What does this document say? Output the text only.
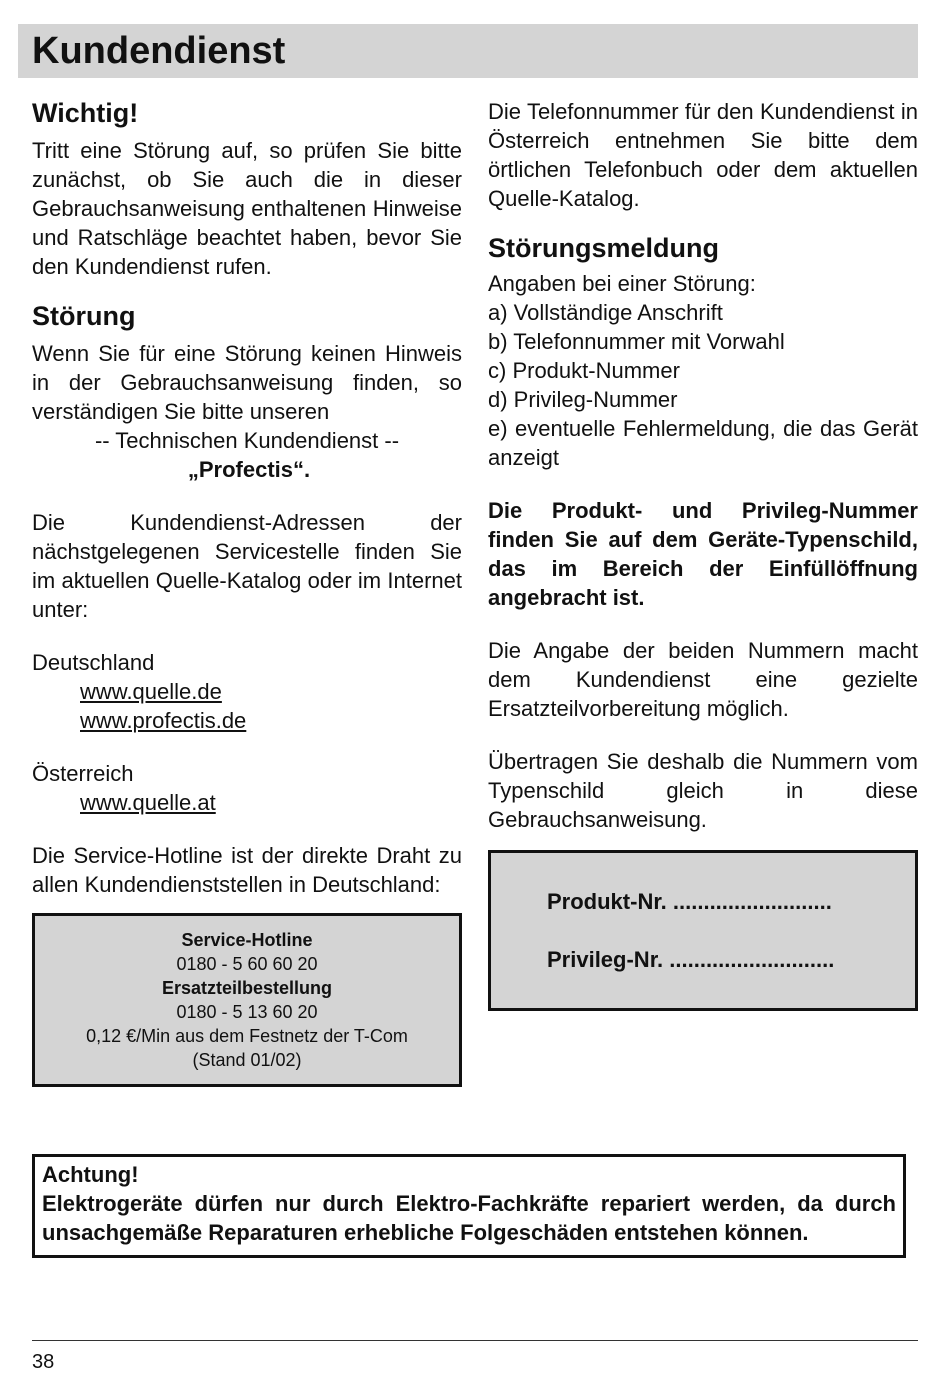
Kundendienst
Wichtig!

Tritt eine Störung auf, so prüfen Sie bitte zunächst, ob Sie auch die in dieser Gebrauchsanweisung enthaltenen Hinweise und Ratschläge beachtet haben, bevor Sie den Kundendienst rufen.

Störung

Wenn Sie für eine Störung keinen Hinweis in der Gebrauchsanweisung finden, so verständigen Sie bitte unseren

-- Technischen Kundendienst --

„Profectis“.

Die Kundendienst-Adressen der nächstgelegenen Servicestelle finden Sie im aktuellen Quelle-Katalog oder im Internet unter:

Deutschland

www.quelle.de
www.profectis.de

Österreich

www.quelle.at

Die Service-Hotline ist der direkte Draht zu allen Kundendienststellen in Deutschland:

Service-Hotline
0180 - 5 60 60 20
Ersatzteilbestellung
0180 - 5 13 60 20
0,12 €/Min aus dem Festnetz der T-Com
(Stand 01/02)

Die Telefonnummer für den Kundendienst in Österreich entnehmen Sie bitte dem örtlichen Telefonbuch oder dem aktuellen Quelle-Katalog.

Störungsmeldung

Angaben bei einer Störung:

a) Vollständige Anschrift

b) Telefonnummer mit Vorwahl

c) Produkt-Nummer

d) Privileg-Nummer

e) eventuelle Fehlermeldung, die das Gerät anzeigt

Die Produkt- und Privileg-Nummer finden Sie auf dem Geräte-Typenschild, das im Bereich der Einfüllöffnung angebracht ist.

Die Angabe der beiden Nummern macht dem Kundendienst eine gezielte Ersatzteilvorbereitung möglich.

Übertragen Sie deshalb die Nummern vom Typenschild gleich in diese Gebrauchsanweisung.

Produkt-Nr. ..........................
Privileg-Nr. ...........................
Achtung!
Elektrogeräte dürfen nur durch Elektro-Fachkräfte repariert werden, da durch unsachgemäße Reparaturen erhebliche Folgeschäden entstehen können.
38
